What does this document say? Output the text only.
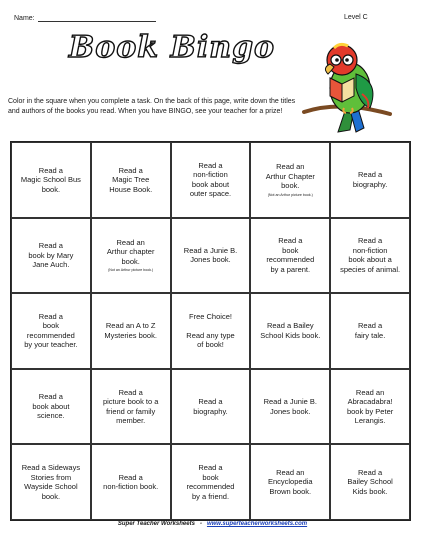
Name:	Level C
Book Bingo
Color in the square when you complete a task. On the back of this page, write down the titles and authors of the books you read. When you have BINGO, see your teacher for a prize!
Read a
Magic School Bus
book.
Read a
Magic Tree
House Book.
Read a
non-fiction
book about
outer space.
Read an
Arthur Chapter
book.
(Not an Arthur picture book.)
Read a
biography.
Read a
book by Mary
Jane Auch.
Read an
Arthur chapter
book.
(Not an Arthur picture book.)
Read a Junie B.
Jones book.
Read a
book
recommended
by a parent.
Read a
non-fiction
book about a
species of animal.
Read a
book
recommended
by your teacher.
Read an A to Z
Mysteries book.
Free Choice!

Read any type
of book!
Read a Bailey
School Kids book.
Read a
fairy tale.
Read a
book about
science.
Read a
picture book to a
friend or family
member.
Read a
biography.
Read a Junie B.
Jones book.
Read an
Abracadabra!
book by Peter
Lerangis.
Read a Sideways
Stories from
Wayside School
book.
Read a
non-fiction book.
Read a
book
recommended
by a friend.
Read an
Encyclopedia
Brown book.
Read a
Bailey School
Kids book.
Super Teacher Worksheets - www.superteacherworksheets.com
